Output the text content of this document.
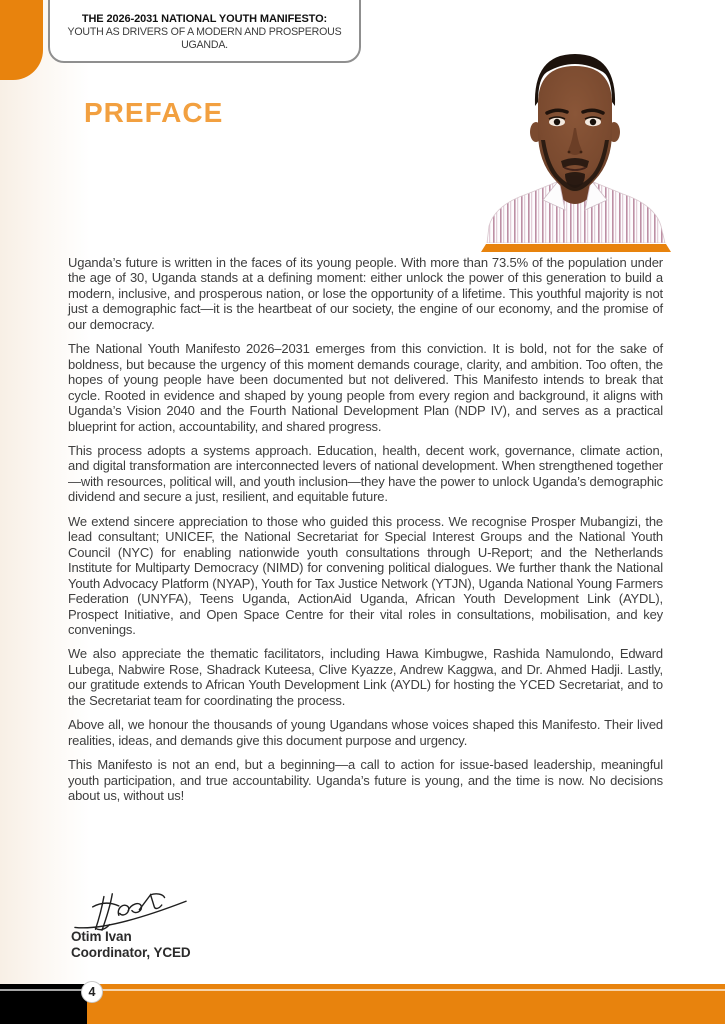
THE 2026-2031 NATIONAL YOUTH MANIFESTO:
YOUTH AS DRIVERS OF A MODERN AND PROSPEROUS UGANDA.
PREFACE

Uganda’s future is written in the faces of its young people. With more than 73.5% of the population under the age of 30, Uganda stands at a defining moment: either unlock the power of this generation to build a modern, inclusive, and prosperous nation, or lose the opportunity of a lifetime. This youthful majority is not just a demographic fact—it is the heartbeat of our society, the engine of our economy, and the promise of our democracy.

The National Youth Manifesto 2026–2031 emerges from this conviction. It is bold, not for the sake of boldness, but because the urgency of this moment demands courage, clarity, and ambition. Too often, the hopes of young people have been documented but not delivered. This Manifesto intends to break that cycle. Rooted in evidence and shaped by young people from every region and background, it aligns with Uganda’s Vision 2040 and the Fourth National Development Plan (NDP IV), and serves as a practical blueprint for action, accountability, and shared progress.

This process adopts a systems approach. Education, health, decent work, governance, climate action, and digital transformation are interconnected levers of national development. When strengthened together—with resources, political will, and youth inclusion—they have the power to unlock Uganda’s demographic dividend and secure a just, resilient, and equitable future.

We extend sincere appreciation to those who guided this process. We recognise Prosper Mubangizi, the lead consultant; UNICEF, the National Secretariat for Special Interest Groups and the National Youth Council (NYC) for enabling nationwide youth consultations through U-Report; and the Netherlands Institute for Multiparty Democracy (NIMD) for convening political dialogues. We further thank the National Youth Advocacy Platform (NYAP), Youth for Tax Justice Network (YTJN), Uganda National Young Farmers Federation (UNYFA), Teens Uganda, ActionAid Uganda, African Youth Development Link (AYDL), Prospect Initiative, and Open Space Centre for their vital roles in consultations, mobilisation, and key convenings.

We also appreciate the thematic facilitators, including Hawa Kimbugwe, Rashida Namulondo, Edward Lubega, Nabwire Rose, Shadrack Kuteesa, Clive Kyazze, Andrew Kaggwa, and Dr. Ahmed Hadji. Lastly, our gratitude extends to African Youth Development Link (AYDL) for hosting the YCED Secretariat, and to the Secretariat team for coordinating the process.

Above all, we honour the thousands of young Ugandans whose voices shaped this Manifesto. Their lived realities, ideas, and demands give this document purpose and urgency.

This Manifesto is not an end, but a beginning—a call to action for issue-based leadership, meaningful youth participation, and true accountability. Uganda’s future is young, and the time is now. No decisions about us, without us!

Otim Ivan
Coordinator, YCED
4
